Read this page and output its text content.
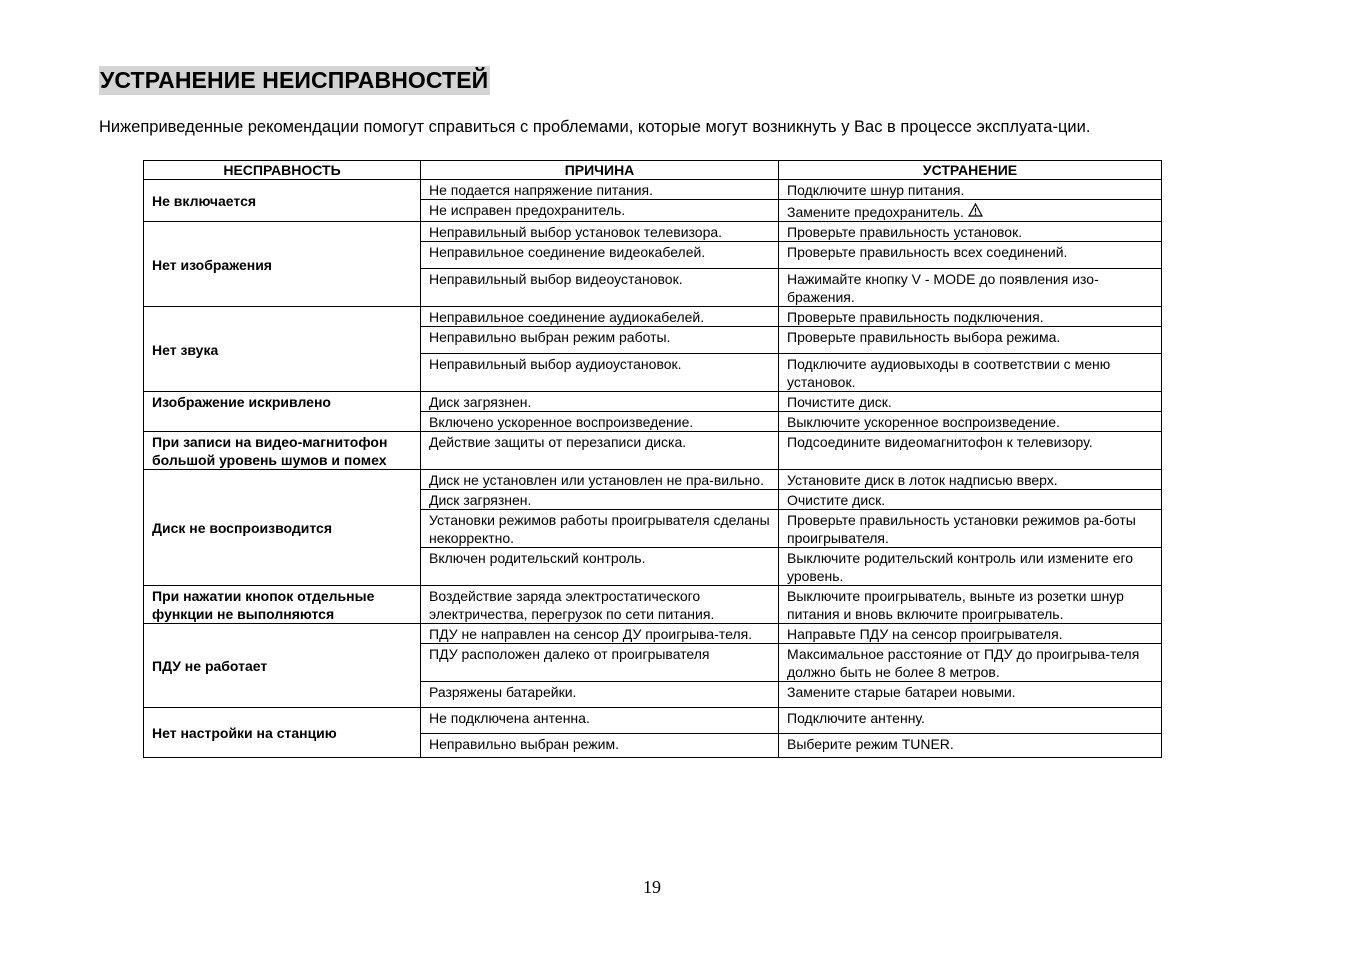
УСТРАНЕНИЕ НЕИСПРАВНОСТЕЙ
Нижеприведенные рекомендации помогут справиться с проблемами, которые могут возникнуть у Вас в процессе эксплуата-ции.
НЕСПРАВНОСТЬ	ПРИЧИНА	УСТРАНЕНИЕ
Не включается	Не подается напряжение питания.	Подключите шнур питания.
	Не исправен предохранитель.	Замените предохранитель.
Нет изображения	Неправильный выбор установок телевизора.	Проверьте правильность установок.
	Неправильное соединение видеокабелей.	Проверьте правильность всех соединений.
	Неправильный выбор видеоустановок.	Нажимайте кнопку V - MODE до появления изо-бражения.
Нет звука	Неправильное соединение аудиокабелей.	Проверьте правильность подключения.
	Неправильно выбран режим работы.	Проверьте правильность выбора режима.
	Неправильный выбор аудиоустановок.	Подключите аудиовыходы в соответствии с меню установок.
Изображение искривлено	Диск загрязнен.	Почистите диск.
	Включено ускоренное воспроизведение.	Выключите ускоренное воспроизведение.
При записи на видео-магнитофон большой уровень шумов и помех	Действие защиты от перезаписи диска.	Подсоедините видеомагнитофон к телевизору.
Диск не воспроизводится	Диск не установлен или установлен не пра-вильно.	Установите диск в лоток надписью вверх.
	Диск загрязнен.	Очистите диск.
	Установки режимов работы проигрывателя сделаны некорректно.	Проверьте правильность установки режимов ра-боты проигрывателя.
	Включен родительский контроль.	Выключите родительский контроль или измените его уровень.
При нажатии кнопок отдельные функции не выполняются	Воздействие заряда электростатического электричества, перегрузок по сети питания.	Выключите проигрыватель, выньте из розетки шнур питания и вновь включите проигрыватель.
ПДУ не работает	ПДУ не направлен на сенсор ДУ проигрыва-теля.	Направьте ПДУ на сенсор проигрывателя.
	ПДУ расположен далеко от проигрывателя	Максимальное расстояние от ПДУ до проигрыва-теля должно быть не более 8 метров.
	Разряжены батарейки.	Замените старые батареи новыми.
Нет настройки на станцию	Не подключена антенна.	Подключите антенну.
	Неправильно выбран режим.	Выберите режим TUNER.
19
